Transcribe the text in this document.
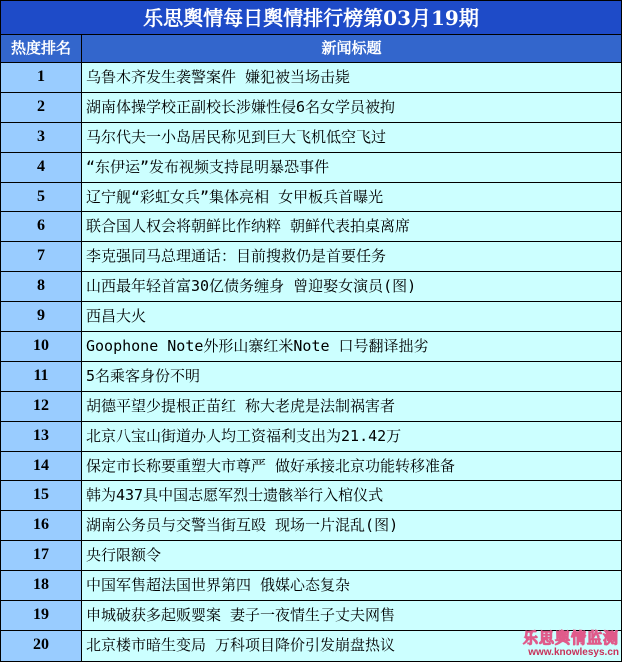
乐思舆情每日舆情排行榜第03月19期
热度排名	新闻标题
1	乌鲁木齐发生袭警案件 嫌犯被当场击毙
2	湖南体操学校正副校长涉嫌性侵6名女学员被拘
3	马尔代夫一小岛居民称见到巨大飞机低空飞过
4	“东伊运”发布视频支持昆明暴恐事件
5	辽宁舰“彩虹女兵”集体亮相 女甲板兵首曝光
6	联合国人权会将朝鲜比作纳粹 朝鲜代表拍桌离席
7	李克强同马总理通话：目前搜救仍是首要任务
8	山西最年轻首富30亿债务缠身 曾迎娶女演员(图)
9	西昌大火
10	Goophone Note外形山寨红米Note 口号翻译拙劣
11	5名乘客身份不明
12	胡德平望少提根正苗红 称大老虎是法制祸害者
13	北京八宝山街道办人均工资福利支出为21.42万
14	保定市长称要重塑大市尊严 做好承接北京功能转移准备
15	韩为437具中国志愿军烈士遗骸举行入棺仪式
16	湖南公务员与交警当街互殴 现场一片混乱(图)
17	央行限额令
18	中国军售超法国世界第四 俄媒心态复杂
19	申城破获多起贩婴案 妻子一夜情生子丈夫网售
20	北京楼市暗生变局 万科项目降价引发崩盘热议	www.knowlesys.cn
